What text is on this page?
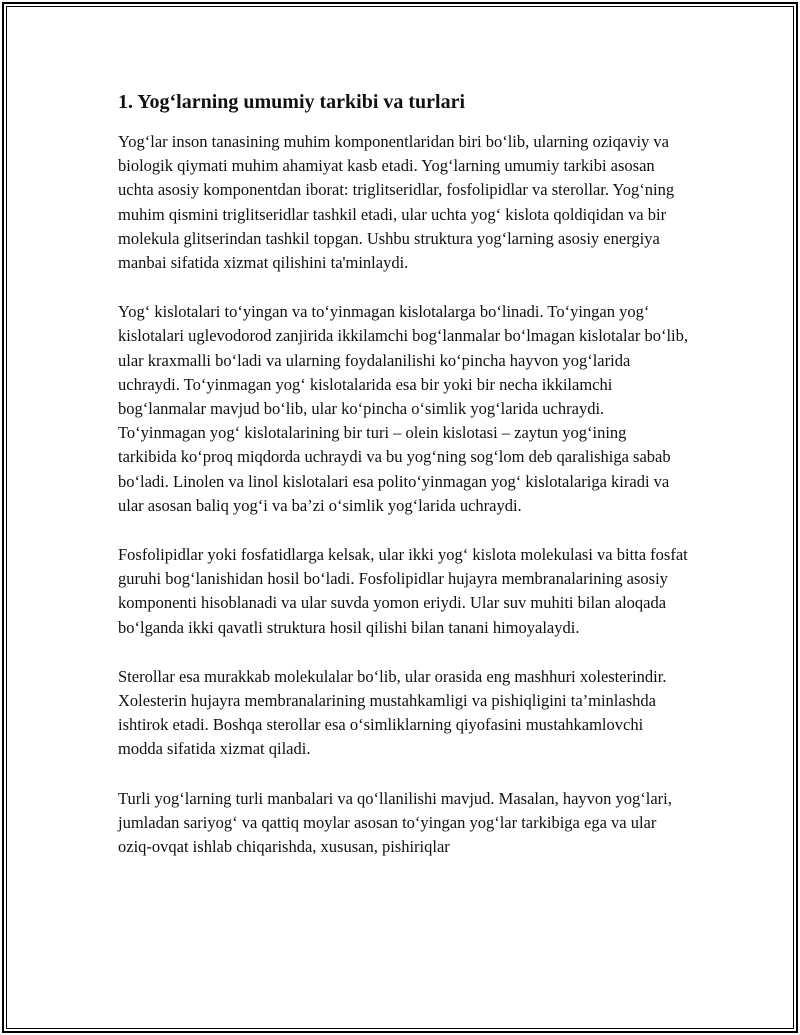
1. Yog‘larning umumiy tarkibi va turlari

Yog‘lar inson tanasining muhim komponentlaridan biri bo‘lib, ularning oziqaviy va biologik qiymati muhim ahamiyat kasb etadi. Yog‘larning umumiy tarkibi asosan uchta asosiy komponentdan iborat: triglitseridlar, fosfolipidlar va sterollar. Yog‘ning muhim qismini triglitseridlar tashkil etadi, ular uchta yog‘ kislota qoldiqidan va bir molekula glitserindan tashkil topgan. Ushbu struktura yog‘larning asosiy energiya manbai sifatida xizmat qilishini ta'minlaydi.

Yog‘ kislotalari to‘yingan va to‘yinmagan kislotalarga bo‘linadi. To‘yingan yog‘ kislotalari uglevodorod zanjirida ikkilamchi bog‘lanmalar bo‘lmagan kislotalar bo‘lib, ular kraxmalli bo‘ladi va ularning foydalanilishi ko‘pincha hayvon yog‘larida uchraydi. To‘yinmagan yog‘ kislotalarida esa bir yoki bir necha ikkilamchi bog‘lanmalar mavjud bo‘lib, ular ko‘pincha o‘simlik yog‘larida uchraydi. To‘yinmagan yog‘ kislotalarining bir turi – olein kislotasi – zaytun yog‘ining tarkibida ko‘proq miqdorda uchraydi va bu yog‘ning sog‘lom deb qaralishiga sabab bo‘ladi. Linolen va linol kislotalari esa polito‘yinmagan yog‘ kislotalariga kiradi va ular asosan baliq yog‘i va ba’zi o‘simlik yog‘larida uchraydi.

Fosfolipidlar yoki fosfatidlarga kelsak, ular ikki yog‘ kislota molekulasi va bitta fosfat guruhi bog‘lanishidan hosil bo‘ladi. Fosfolipidlar hujayra membranalarining asosiy komponenti hisoblanadi va ular suvda yomon eriydi. Ular suv muhiti bilan aloqada bo‘lganda ikki qavatli struktura hosil qilishi bilan tanani himoyalaydi.

Sterollar esa murakkab molekulalar bo‘lib, ular orasida eng mashhuri xolesterindir. Xolesterin hujayra membranalarining mustahkamligi va pishiqligini ta’minlashda ishtirok etadi. Boshqa sterollar esa o‘simliklarning qiyofasini mustahkamlovchi modda sifatida xizmat qiladi.

Turli yog‘larning turli manbalari va qo‘llanilishi mavjud. Masalan, hayvon yog‘lari, jumladan sariyog‘ va qattiq moylar asosan to‘yingan yog‘lar tarkibiga ega va ular oziq-ovqat ishlab chiqarishda, xususan, pishiriqlar
